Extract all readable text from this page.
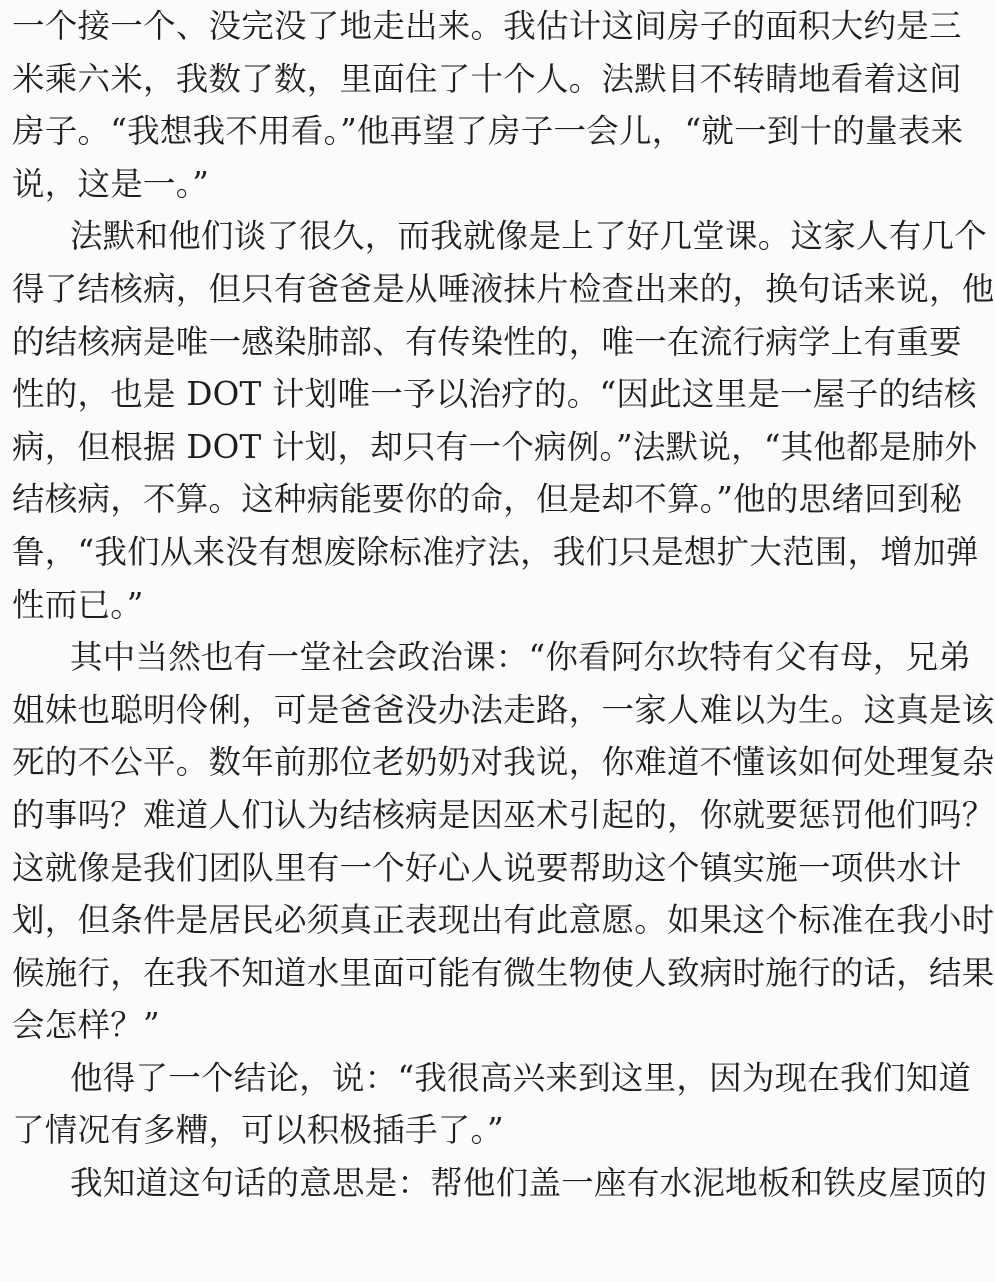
一个接一个、没完没了地走出来。我估计这间房子的面积大约是三
米乘六米，我数了数，里面住了十个人。法默目不转睛地看着这间
房子。“我想我不用看。”他再望了房子一会儿，“就一到十的量表来
说，这是一。”

法默和他们谈了很久，而我就像是上了好几堂课。这家人有几个
得了结核病，但只有爸爸是从唾液抹片检查出来的，换句话来说，他
的结核病是唯一感染肺部、有传染性的，唯一在流行病学上有重要
性的，也是 DOT 计划唯一予以治疗的。“因此这里是一屋子的结核
病，但根据 DOT 计划，却只有一个病例。”法默说，“其他都是肺外
结核病，不算。这种病能要你的命，但是却不算。”他的思绪回到秘
鲁，“我们从来没有想废除标准疗法，我们只是想扩大范围，增加弹
性而已。”

其中当然也有一堂社会政治课：“你看阿尔坎特有父有母，兄弟
姐妹也聪明伶俐，可是爸爸没办法走路，一家人难以为生。这真是该
死的不公平。数年前那位老奶奶对我说，你难道不懂该如何处理复杂
的事吗？难道人们认为结核病是因巫术引起的，你就要惩罚他们吗？
这就像是我们团队里有一个好心人说要帮助这个镇实施一项供水计
划，但条件是居民必须真正表现出有此意愿。如果这个标准在我小时
候施行，在我不知道水里面可能有微生物使人致病时施行的话，结果
会怎样？”

他得了一个结论，说：“我很高兴来到这里，因为现在我们知道
了情况有多糟，可以积极插手了。”

我知道这句话的意思是：帮他们盖一座有水泥地板和铁皮屋顶的
